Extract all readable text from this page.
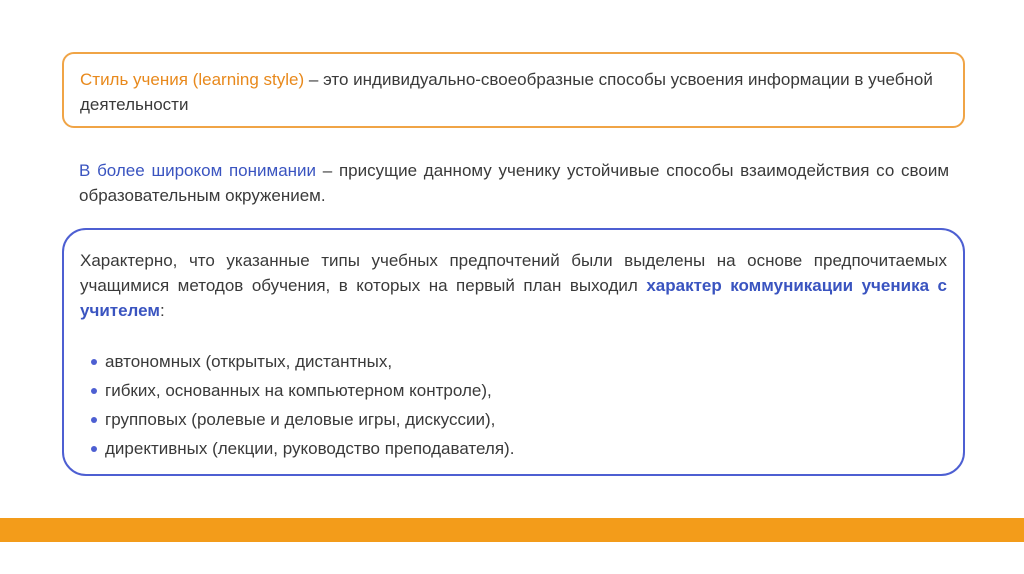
Стиль учения (learning style) – это индивидуально-своеобразные способы усвоения информации в учебной деятельности
В более широком понимании – присущие данному ученику устойчивые способы взаимодействия со своим образовательным окружением.
Характерно, что указанные типы учебных предпочтений были выделены на основе предпочитаемых учащимися методов обучения, в которых на первый план выходил характер коммуникации ученика с учителем:
автономных (открытых, дистантных,
гибких, основанных на компьютерном контроле),
групповых (ролевые и деловые игры, дискуссии),
директивных (лекции, руководство преподавателя).
